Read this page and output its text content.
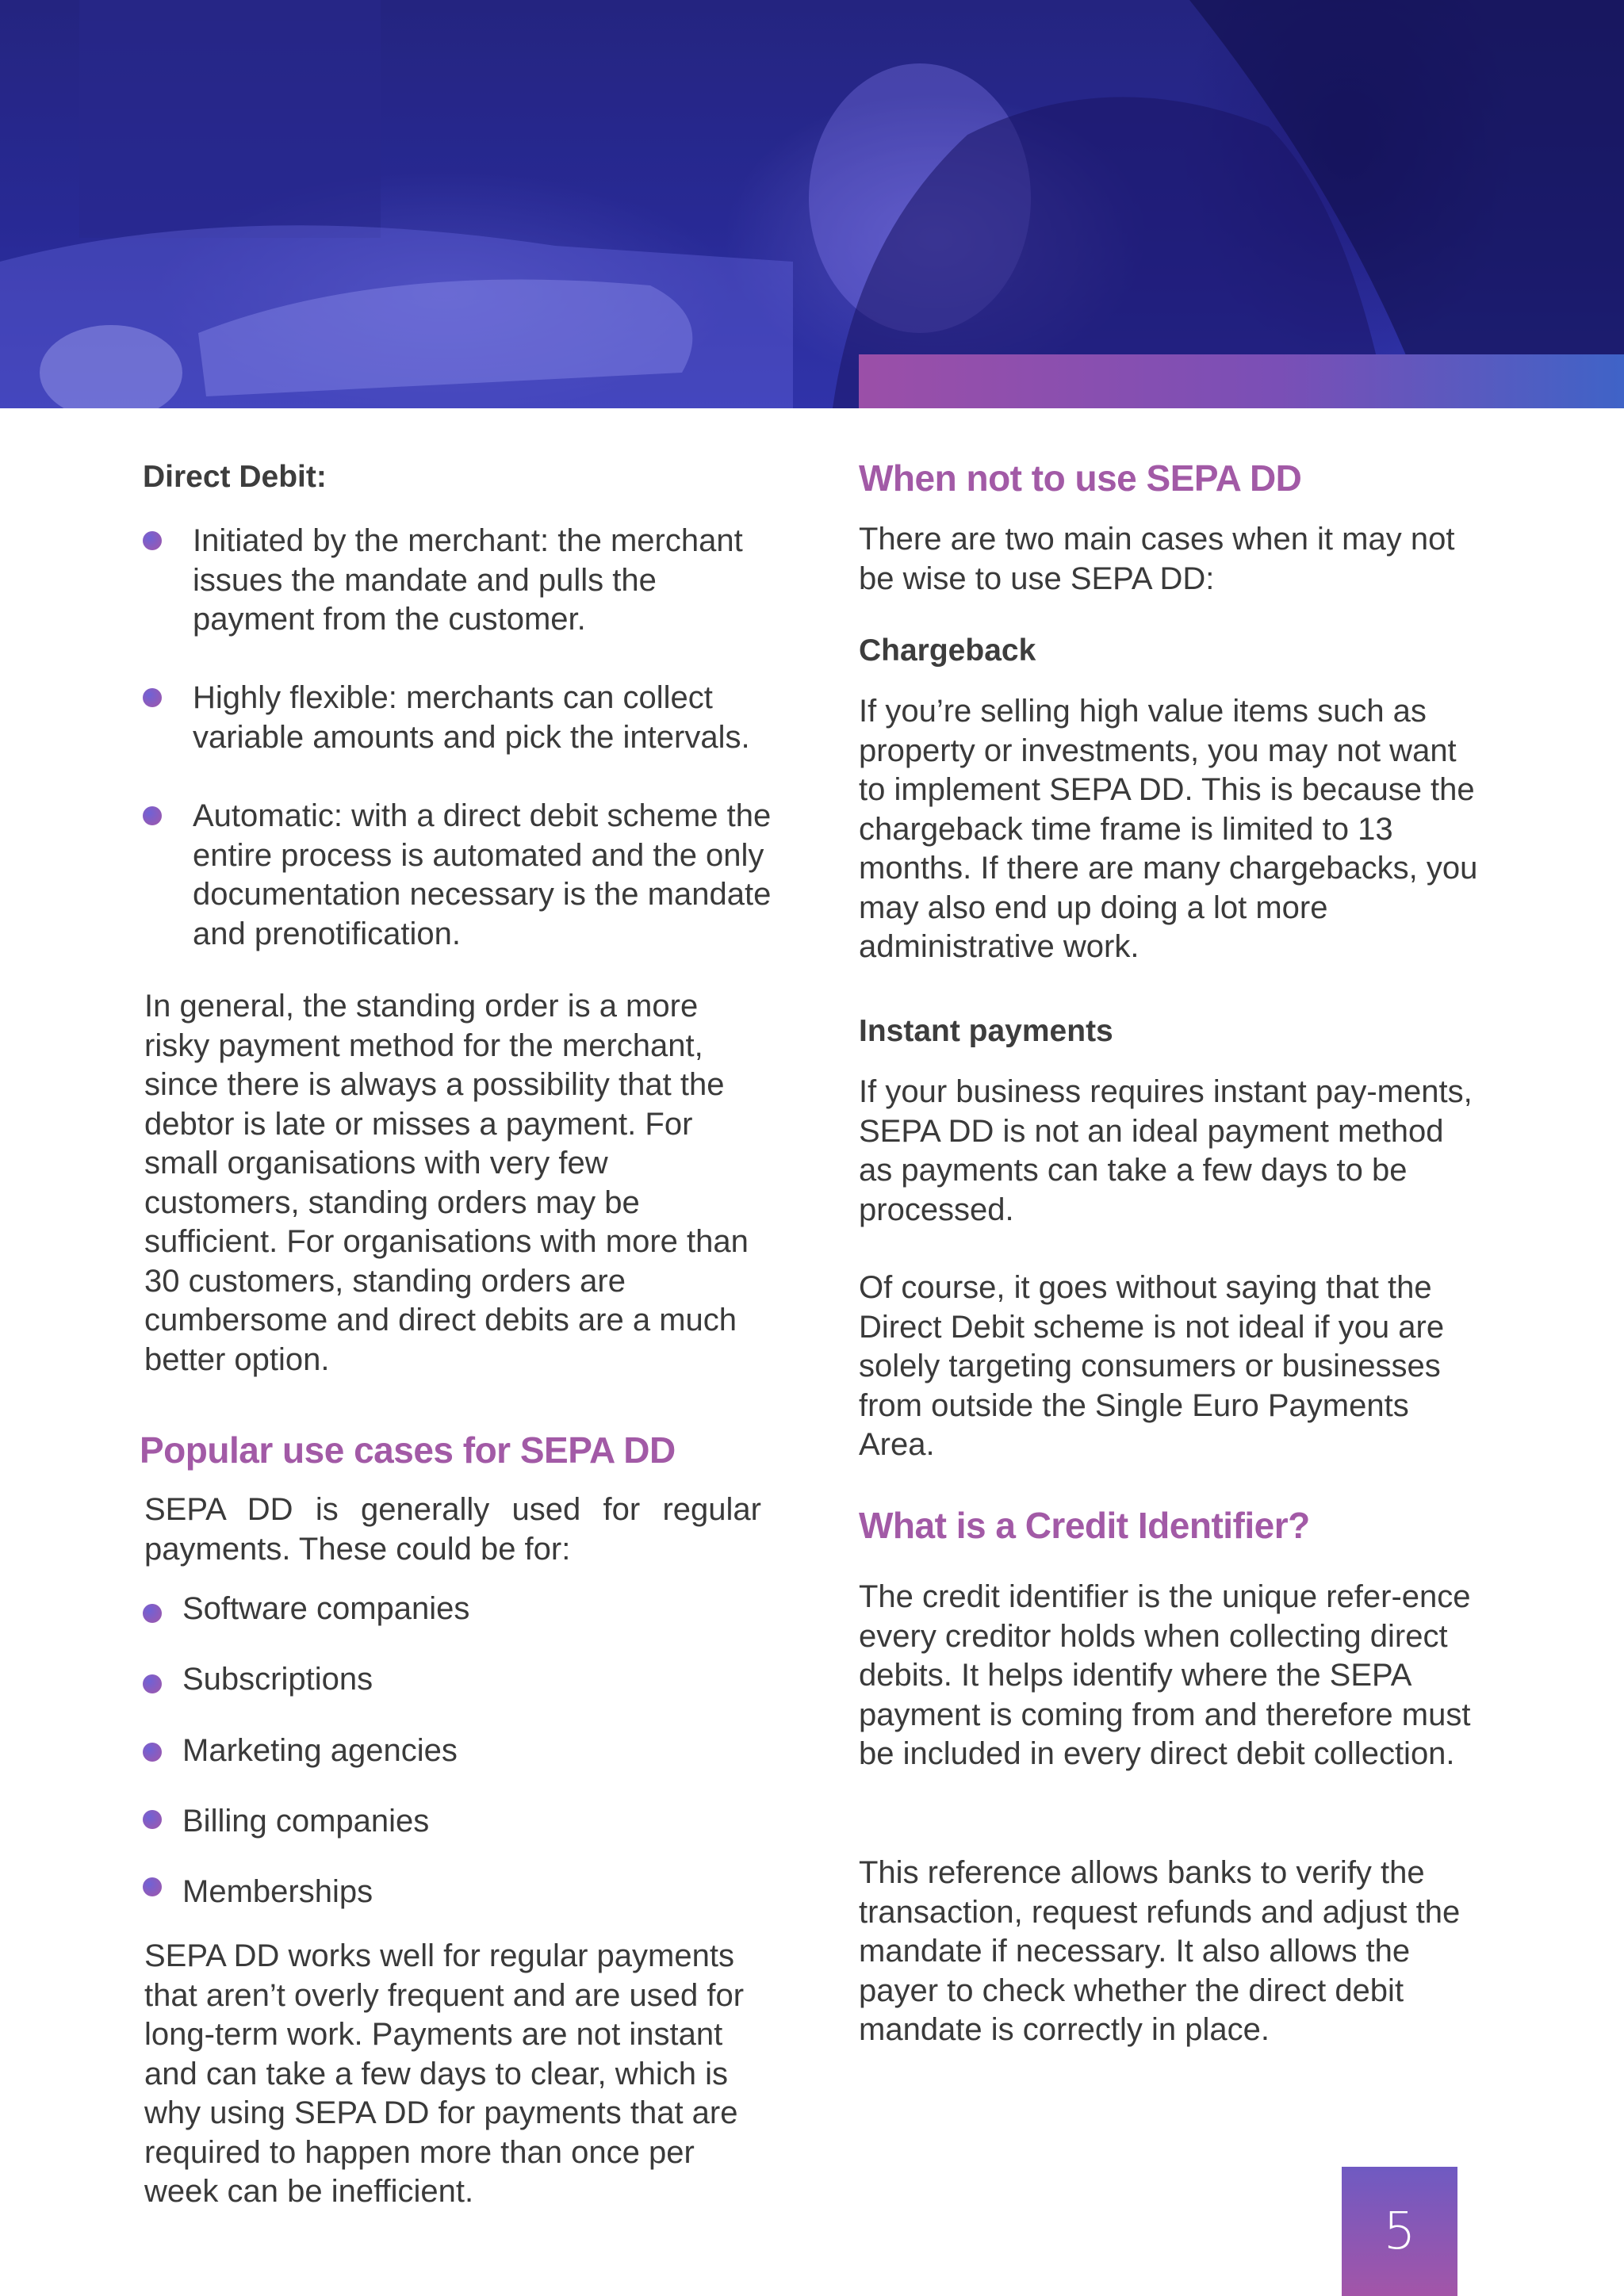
Direct Debit:

Initiated by the merchant: the merchant issues the mandate and pulls the payment from the customer.

Highly flexible: merchants can collect variable amounts and pick the intervals.

Automatic: with a direct debit scheme the entire process is automated and the only documentation necessary is the mandate and prenotification.

In general, the standing order is a more risky payment method for the merchant, since there is always a possibility that the debtor is late or misses a payment. For small organisations with very few customers, standing orders may be sufficient. For organisations with more than 30 customers, standing orders are cumbersome and direct debits are a much better option.

Popular use cases for SEPA DD

SEPA DD is generally used for regular payments. These could be for:

Software companies

Subscriptions

Marketing agencies

Billing companies

Memberships

SEPA DD works well for regular payments that aren’t overly frequent and are used for long-term work. Payments are not instant and can take a few days to clear, which is why using SEPA DD for payments that are required to happen more than once per week can be inefficient.

When not to use SEPA DD

There are two main cases when it may not be wise to use SEPA DD:

Chargeback

If you’re selling high value items such as property or investments, you may not want to implement SEPA DD. This is because the chargeback time frame is limited to 13 months. If there are many chargebacks, you may also end up doing a lot more administrative work.

Instant payments

If your business requires instant pay-ments, SEPA DD is not an ideal payment method as payments can take a few days to be processed.

Of course, it goes without saying that the Direct Debit scheme is not ideal if you are solely targeting consumers or businesses from outside the Single Euro Payments Area.

What is a Credit Identifier?

The credit identifier is the unique refer-ence every creditor holds when collecting direct debits. It helps identify where the SEPA payment is coming from and therefore must be included in every direct debit collection.

This reference allows banks to verify the transaction, request refunds and adjust the mandate if necessary. It also allows the payer to check whether the direct debit mandate is correctly in place.

5
